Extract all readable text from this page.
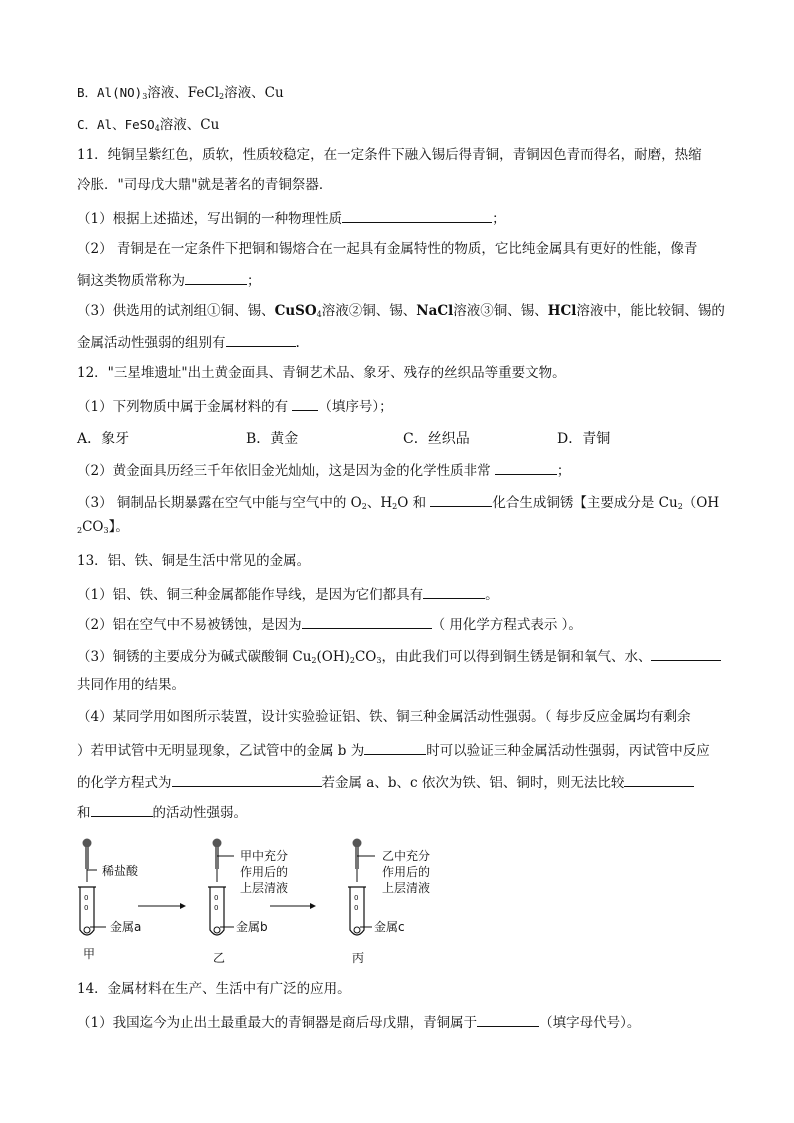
B．$Al(NO)_3$溶液、FeCl$_2$溶液、Cu
C．Al、FeSO$_4$溶液、Cu
11．纯铜呈紫红色，质软，性质较稳定，在一定条件下融入锡后得青铜，青铜因色青而得名，耐磨，热缩
冷胀．"司母戊大鼎"就是著名的青铜祭器．
（1）根据上述描述，写出铜的一种物理性质	；
（2） 青铜是在一定条件下把铜和锡熔合在一起具有金属特性的物质，它比纯金属具有更好的性能，像青
铜这类物质常称为	；
（3）供选用的试剂组①铜、锡、CuSO$_4$溶液②铜、锡、NaCl溶液③铜、锡、HCl溶液中，能比较铜、锡的
金属活动性强弱的组别有	.
12．"三星堆遗址"出土黄金面具、青铜艺术品、象牙、残存的丝织品等重要文物。
（1）下列物质中属于金属材料的有 （填序号）；
A．象牙	B．黄金	C．丝织品	D．青铜
（2）黄金面具历经三千年依旧金光灿灿，这是因为金的化学性质非常	；
（3） 铜制品长期暴露在空气中能与空气中的 $O_2$、$H_2O$ 和	化合生成铜锈【主要成分是 $Cu_2(OH$
$_2CO_3$】。
13．铝、铁、铜是生活中常见的金属。
（1）铝、铁、铜三种金属都能作导线，是因为它们都具有	。
（2）铝在空气中不易被锈蚀，是因为	（ 用化学方程式表示 ）。
（3）铜锈的主要成分为碱式碳酸铜 $Cu_2(OH)_2CO_3$，由此我们可以得到铜生锈是铜和氧气、水、
共同作用的结果。
（4）某同学用如图所示装置，设计实验验证铝、铁、铜三种金属活动性强弱。（ 每步反应金属均有剩余
）若甲试管中无明显现象，乙试管中的金属 b 为	时可以验证三种金属活动性强弱，丙试管中反应
的化学方程式为	若金属 a、b、c 依次为铁、铝、铜时，则无法比较
和	的活动性强弱。
稀盐酸
0
0
金属a
甲
甲中充分
作用后的
上层清液
0
0
金属b
乙
乙中充分
作用后的
上层清液
0
0
金属c
丙
14．金属材料在生产、生活中有广泛的应用。
（1）我国迄今为止出土最重最大的青铜器是商后母戊鼎，青铜属于	（填字母代号）。
